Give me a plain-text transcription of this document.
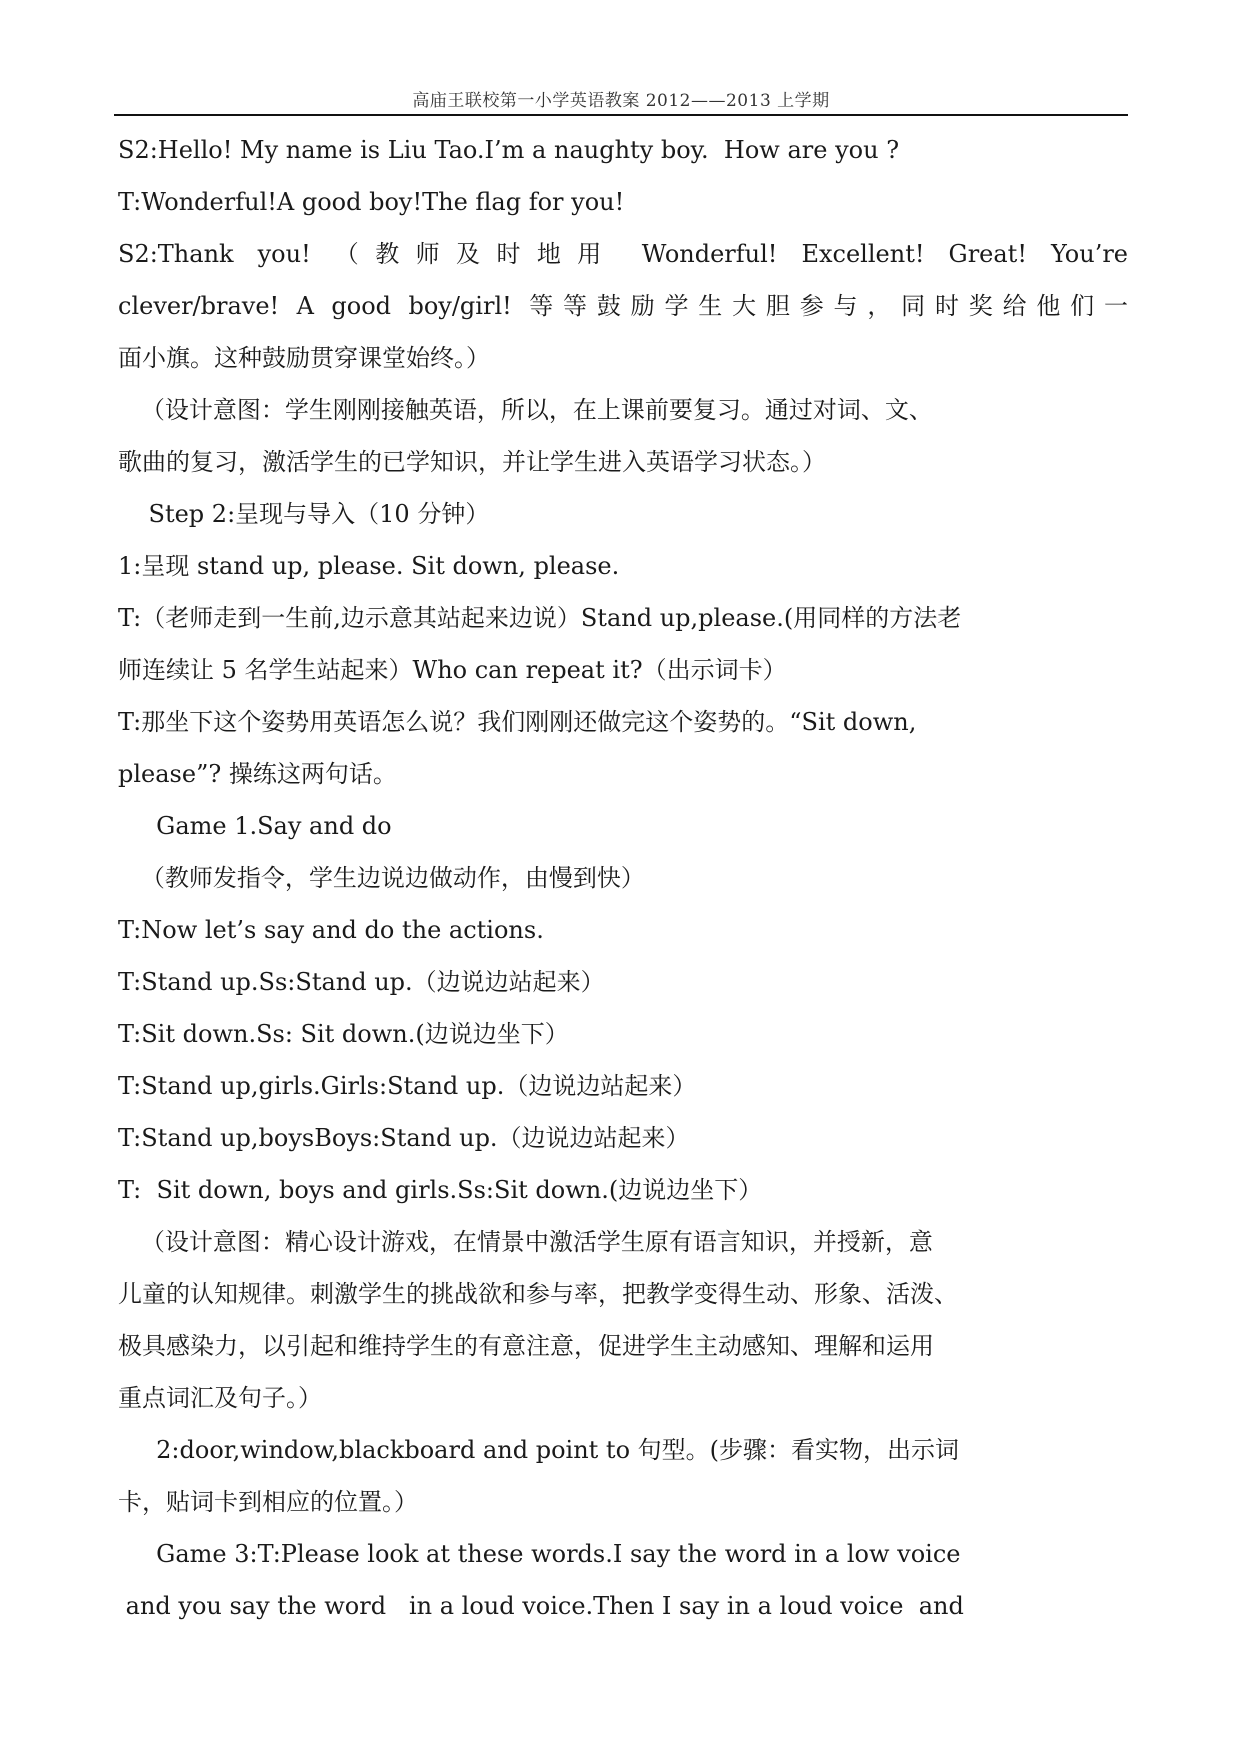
高庙王联校第一小学英语教案 2012——2013 上学期
S2:Hello! My name is Liu Tao.I’m a naughty boy.  How are you ?
T:Wonderful!A good boy!The flag for you!
S2:Thank you! （教师及时地用 Wonderful! Excellent! Great! You’re
clever/brave! A good boy/girl! 等等鼓励学生大胆参与，同时奖给他们一
面小旗。这种鼓励贯穿课堂始终。）
（设计意图：学生刚刚接触英语，所以，在上课前要复习。通过对词、文、
歌曲的复习，激活学生的已学知识，并让学生进入英语学习状态。）
Step 2:呈现与导入（10 分钟）
1:呈现 stand up, please. Sit down, please.
T:（老师走到一生前,边示意其站起来边说）Stand up,please.(用同样的方法老
师连续让 5 名学生站起来）Who can repeat it?（出示词卡）
T:那坐下这个姿势用英语怎么说？我们刚刚还做完这个姿势的。“Sit down,
please”? 操练这两句话。
Game 1.Say and do
（教师发指令，学生边说边做动作，由慢到快）
T:Now let’s say and do the actions.
T:Stand up.Ss:Stand up.（边说边站起来）
T:Sit down.Ss: Sit down.(边说边坐下）
T:Stand up,girls.Girls:Stand up.（边说边站起来）
T:Stand up,boysBoys:Stand up.（边说边站起来）
T:  Sit down, boys and girls.Ss:Sit down.(边说边坐下）
（设计意图：精心设计游戏，在情景中激活学生原有语言知识，并授新，意
儿童的认知规律。刺激学生的挑战欲和参与率，把教学变得生动、形象、活泼、
极具感染力，以引起和维持学生的有意注意，促进学生主动感知、理解和运用
重点词汇及句子。）
2:door,window,blackboard and point to 句型。(步骤：看实物，出示词
卡，贴词卡到相应的位置。）
Game 3:T:Please look at these words.I say the word in a low voice
and you say the word   in a loud voice.Then I say in a loud voice  and
